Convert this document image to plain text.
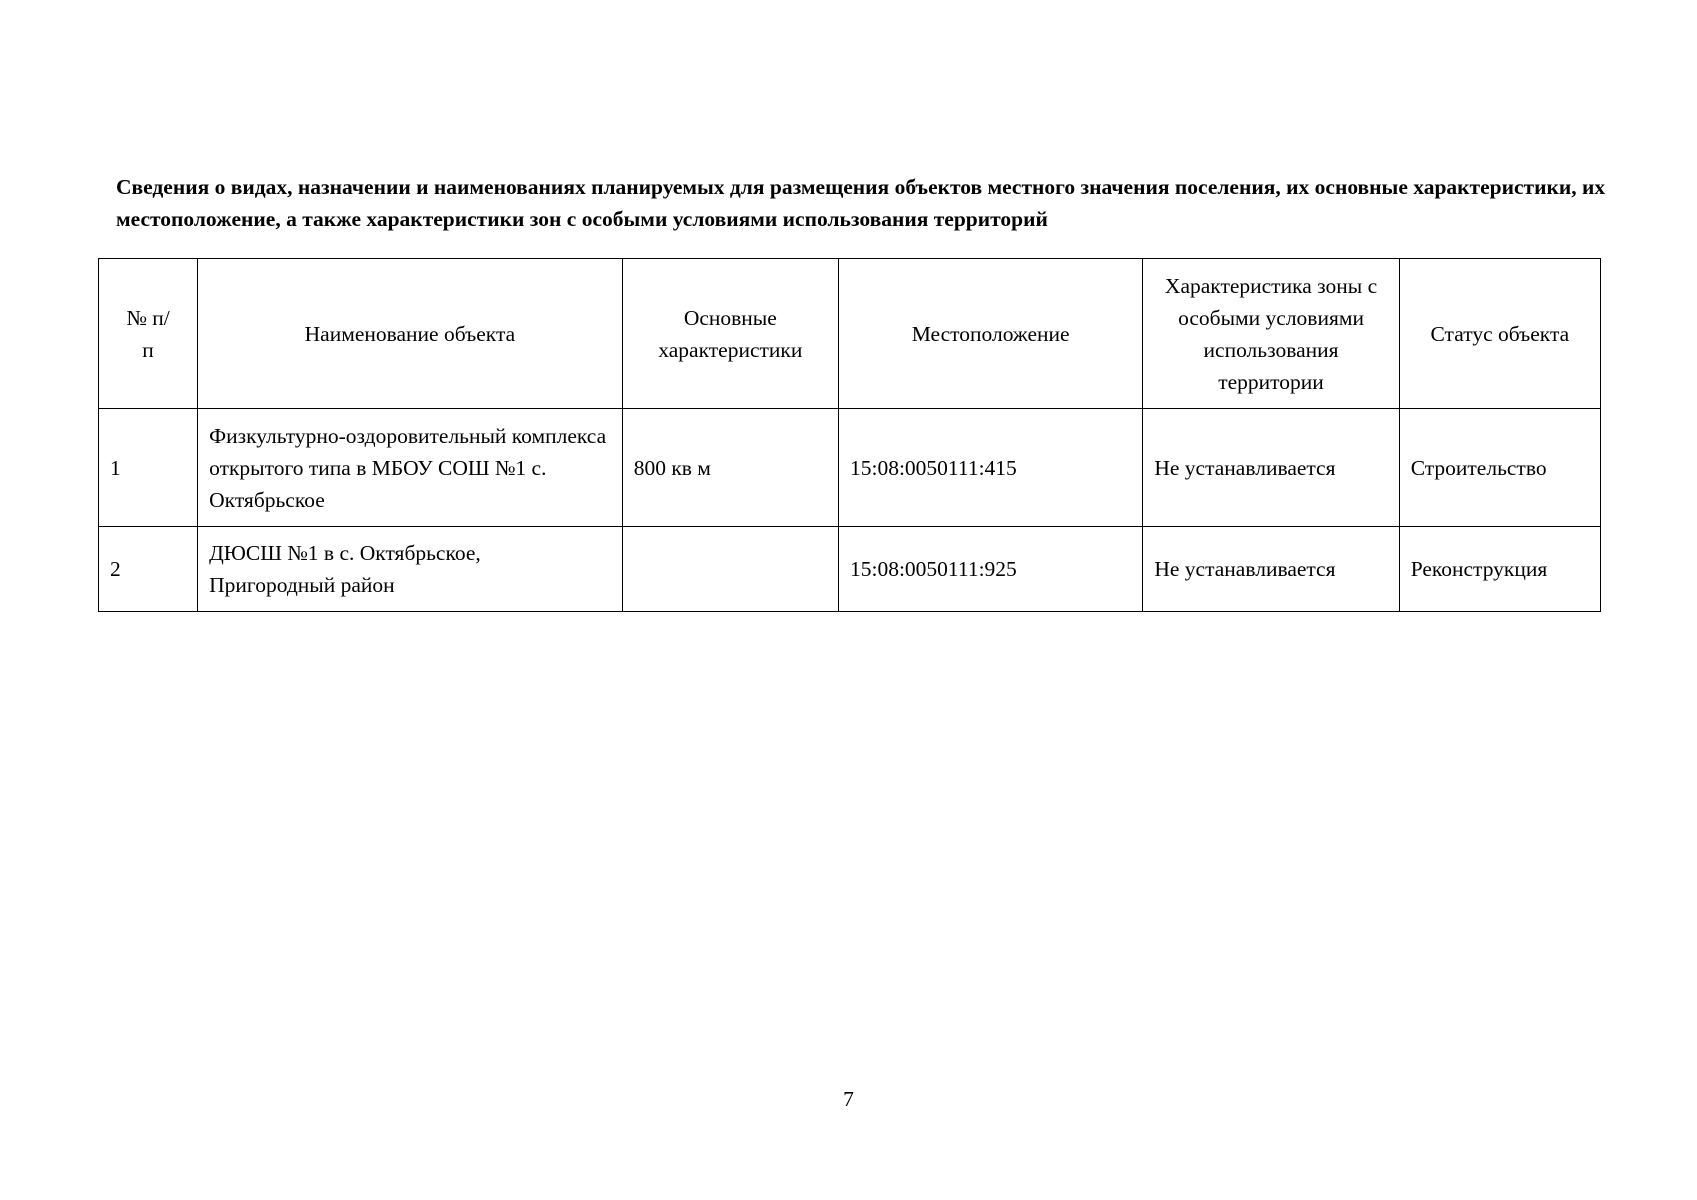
Сведения о видах, назначении и наименованиях планируемых для размещения объектов местного значения поселения, их основные характеристики, их местоположение, а также характеристики зон с особыми условиями использования территорий

№ п/п	Наименование объекта	Основные характеристики	Местоположение	Характеристика зоны с особыми условиями использования территории	Статус объекта
1	Физкультурно-оздоровительный комплекса открытого типа в МБОУ СОШ №1 с. Октябрьское	800 кв м	15:08:0050111:415	Не устанавливается	Строительство
2	ДЮСШ №1 в с. Октябрьское, Пригородный район		15:08:0050111:925	Не устанавливается	Реконструкция
7
